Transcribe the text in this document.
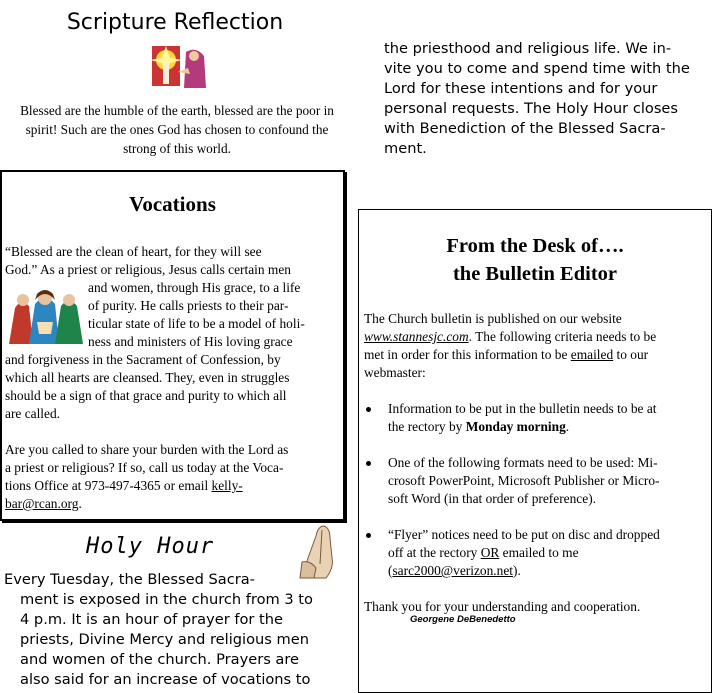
Scripture Reflection
Blessed are the humble of the earth, blessed are the poor in spirit! Such are the ones God has chosen to confound the strong of this world.
the priesthood and religious life. We in-
vite you to come and spend time with the
Lord for these intentions and for your
personal requests. The Holy Hour closes
with Benediction of the Blessed Sacra-
ment.
Vocations
“Blessed are the clean of heart, for they will see
God.” As a priest or religious, Jesus calls certain men
and women, through His grace, to a life
of purity. He calls priests to their par-
ticular state of life to be a model of holi-
ness and ministers of His loving grace
and forgiveness in the Sacrament of Confession, by
which all hearts are cleansed. They, even in struggles
should be a sign of that grace and purity to which all
are called.
Are you called to share your burden with the Lord as
a priest or religious? If so, call us today at the Voca-
tions Office at 973-497-4365 or email kelly-
bar@rcan.org.
Holy Hour
Every Tuesday, the Blessed Sacra-
ment is exposed in the church from 3 to
4 p.m. It is an hour of prayer for the
priests, Divine Mercy and religious men
and women of the church. Prayers are
also said for an increase of vocations to
From the Desk of….
the Bulletin Editor
The Church bulletin is published on our website
www.stannesjc.com. The following criteria needs to be
met in order for this information to be emailed to our
webmaster:
Information to be put in the bulletin needs to be at
the rectory by Monday morning.
One of the following formats need to be used: Mi-
crosoft PowerPoint, Microsoft Publisher or Micro-
soft Word (in that order of preference).
“Flyer” notices need to be put on disc and dropped
off at the rectory OR emailed to me
(sarc2000@verizon.net).
Thank you for your understanding and cooperation.
Georgene DeBenedetto
